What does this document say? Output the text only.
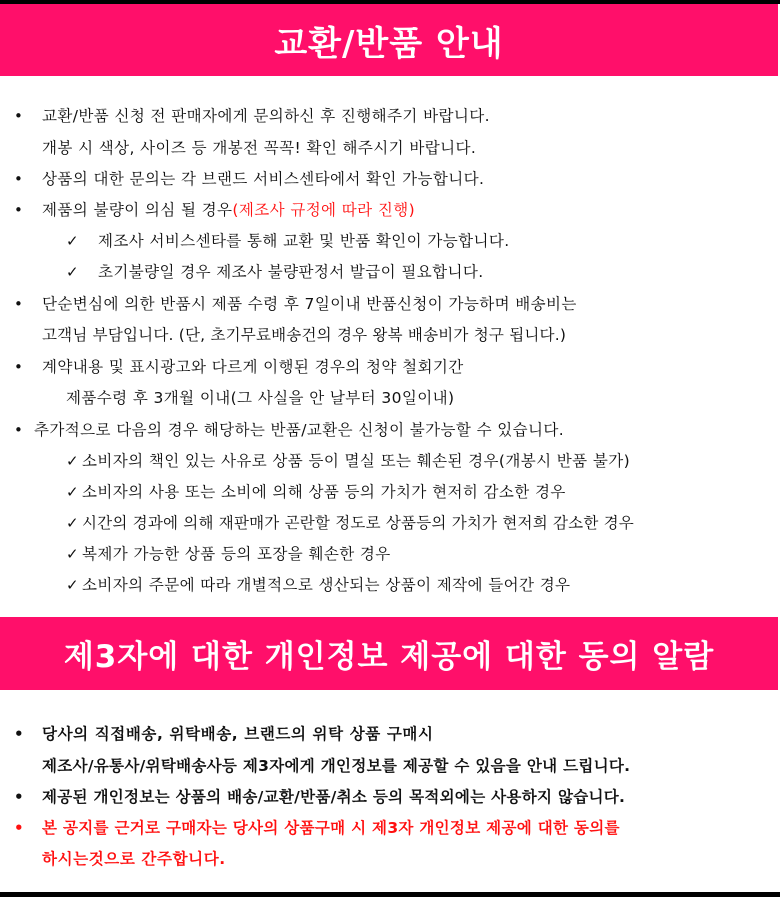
교환/반품 안내
• 교환/반품 신청 전 판매자에게 문의하신 후 진행해주기 바랍니다.
개봉 시 색상, 사이즈 등 개봉전 꼭꼭! 확인 해주시기 바랍니다.
• 상품의 대한 문의는 각 브랜드 서비스센타에서 확인 가능합니다.
• 제품의 불량이 의심 될 경우(제조사 규정에 따라 진행)
✓ 제조사 서비스센타를 통해 교환 및 반품 확인이 가능합니다.
✓ 초기불량일 경우 제조사 불량판정서 발급이 필요합니다.
• 단순변심에 의한 반품시 제품 수령 후 7일이내 반품신청이 가능하며 배송비는
고객님 부담입니다. (단, 초기무료배송건의 경우 왕복 배송비가 청구 됩니다.)
• 계약내용 및 표시광고와 다르게 이행된 경우의 청약 철회기간
제품수령 후 3개월 이내(그 사실을 안 날부터 30일이내)
• 추가적으로 다음의 경우 해당하는 반품/교환은 신청이 불가능할 수 있습니다.
✓ 소비자의 책인 있는 사유로 상품 등이 멸실 또는 훼손된 경우(개봉시 반품 불가)
✓ 소비자의 사용 또는 소비에 의해 상품 등의 가치가 현저히 감소한 경우
✓ 시간의 경과에 의해 재판매가 곤란할 정도로 상품등의 가치가 현저희 감소한 경우
✓ 복제가 가능한 상품 등의 포장을 훼손한 경우
✓ 소비자의 주문에 따라 개별적으로 생산되는 상품이 제작에 들어간 경우
제3자에 대한 개인정보 제공에 대한 동의 알람
• 당사의 직접배송, 위탁배송, 브랜드의 위탁 상품 구매시
제조사/유통사/위탁배송사등 제3자에게 개인정보를 제공할 수 있음을 안내 드립니다.
• 제공된 개인정보는 상품의 배송/교환/반품/취소 등의 목적외에는 사용하지 않습니다.
• 본 공지를 근거로 구매자는 당사의 상품구매 시 제3자 개인정보 제공에 대한 동의를
하시는것으로 간주합니다.
